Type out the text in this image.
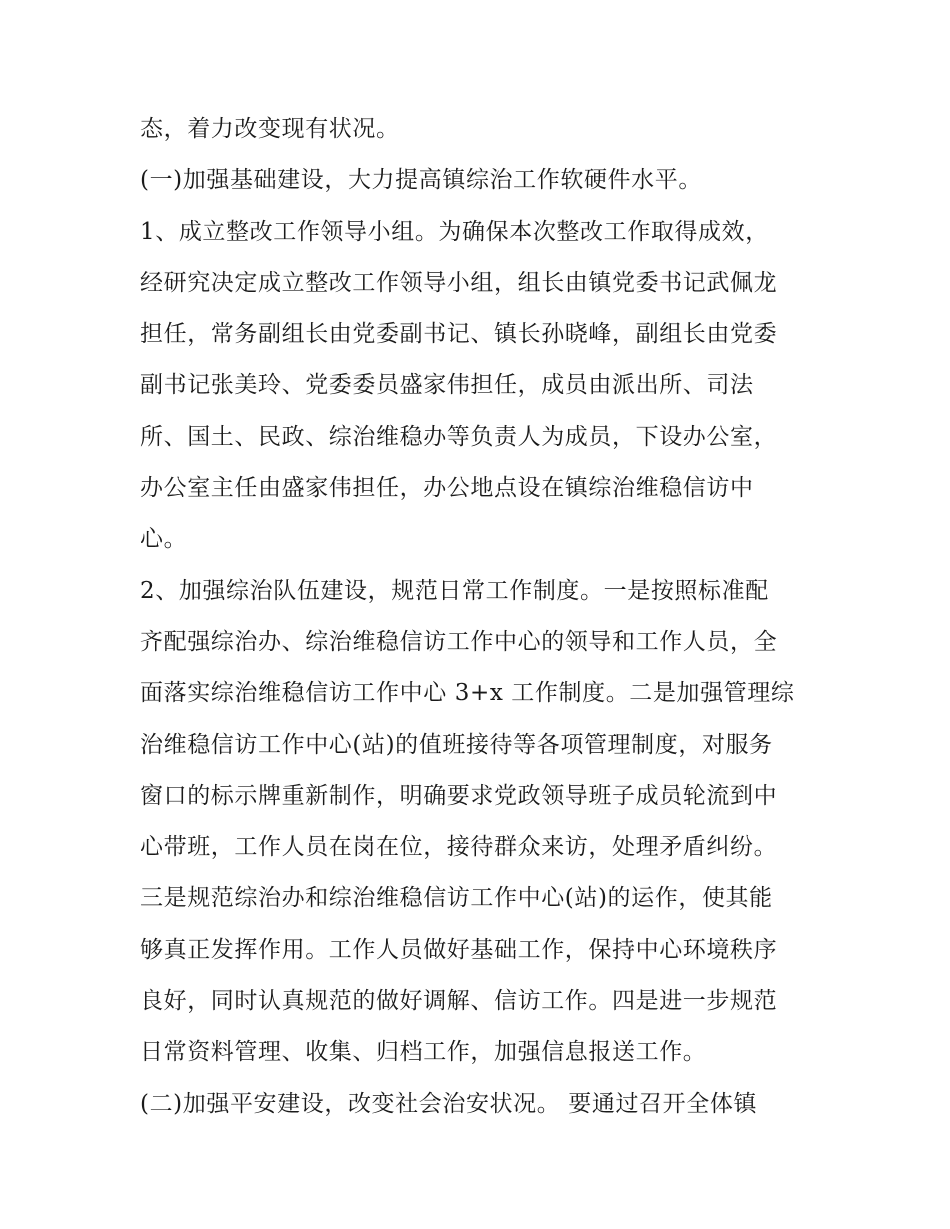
态，着力改变现有状况。
(一)加强基础建设，大力提高镇综治工作软硬件水平。
1、成立整改工作领导小组。为确保本次整改工作取得成效，
经研究决定成立整改工作领导小组，组长由镇党委书记武佩龙
担任，常务副组长由党委副书记、镇长孙晓峰，副组长由党委
副书记张美玲、党委委员盛家伟担任，成员由派出所、司法
所、国土、民政、综治维稳办等负责人为成员，下设办公室，
办公室主任由盛家伟担任，办公地点设在镇综治维稳信访中
心。
2、加强综治队伍建设，规范日常工作制度。一是按照标准配
齐配强综治办、综治维稳信访工作中心的领导和工作人员，全
面落实综治维稳信访工作中心 3+x 工作制度。二是加强管理综
治维稳信访工作中心(站)的值班接待等各项管理制度，对服务
窗口的标示牌重新制作，明确要求党政领导班子成员轮流到中
心带班，工作人员在岗在位，接待群众来访，处理矛盾纠纷。
三是规范综治办和综治维稳信访工作中心(站)的运作，使其能
够真正发挥作用。工作人员做好基础工作，保持中心环境秩序
良好，同时认真规范的做好调解、信访工作。四是进一步规范
日常资料管理、收集、归档工作，加强信息报送工作。
(二)加强平安建设，改变社会治安状况。 要通过召开全体镇
